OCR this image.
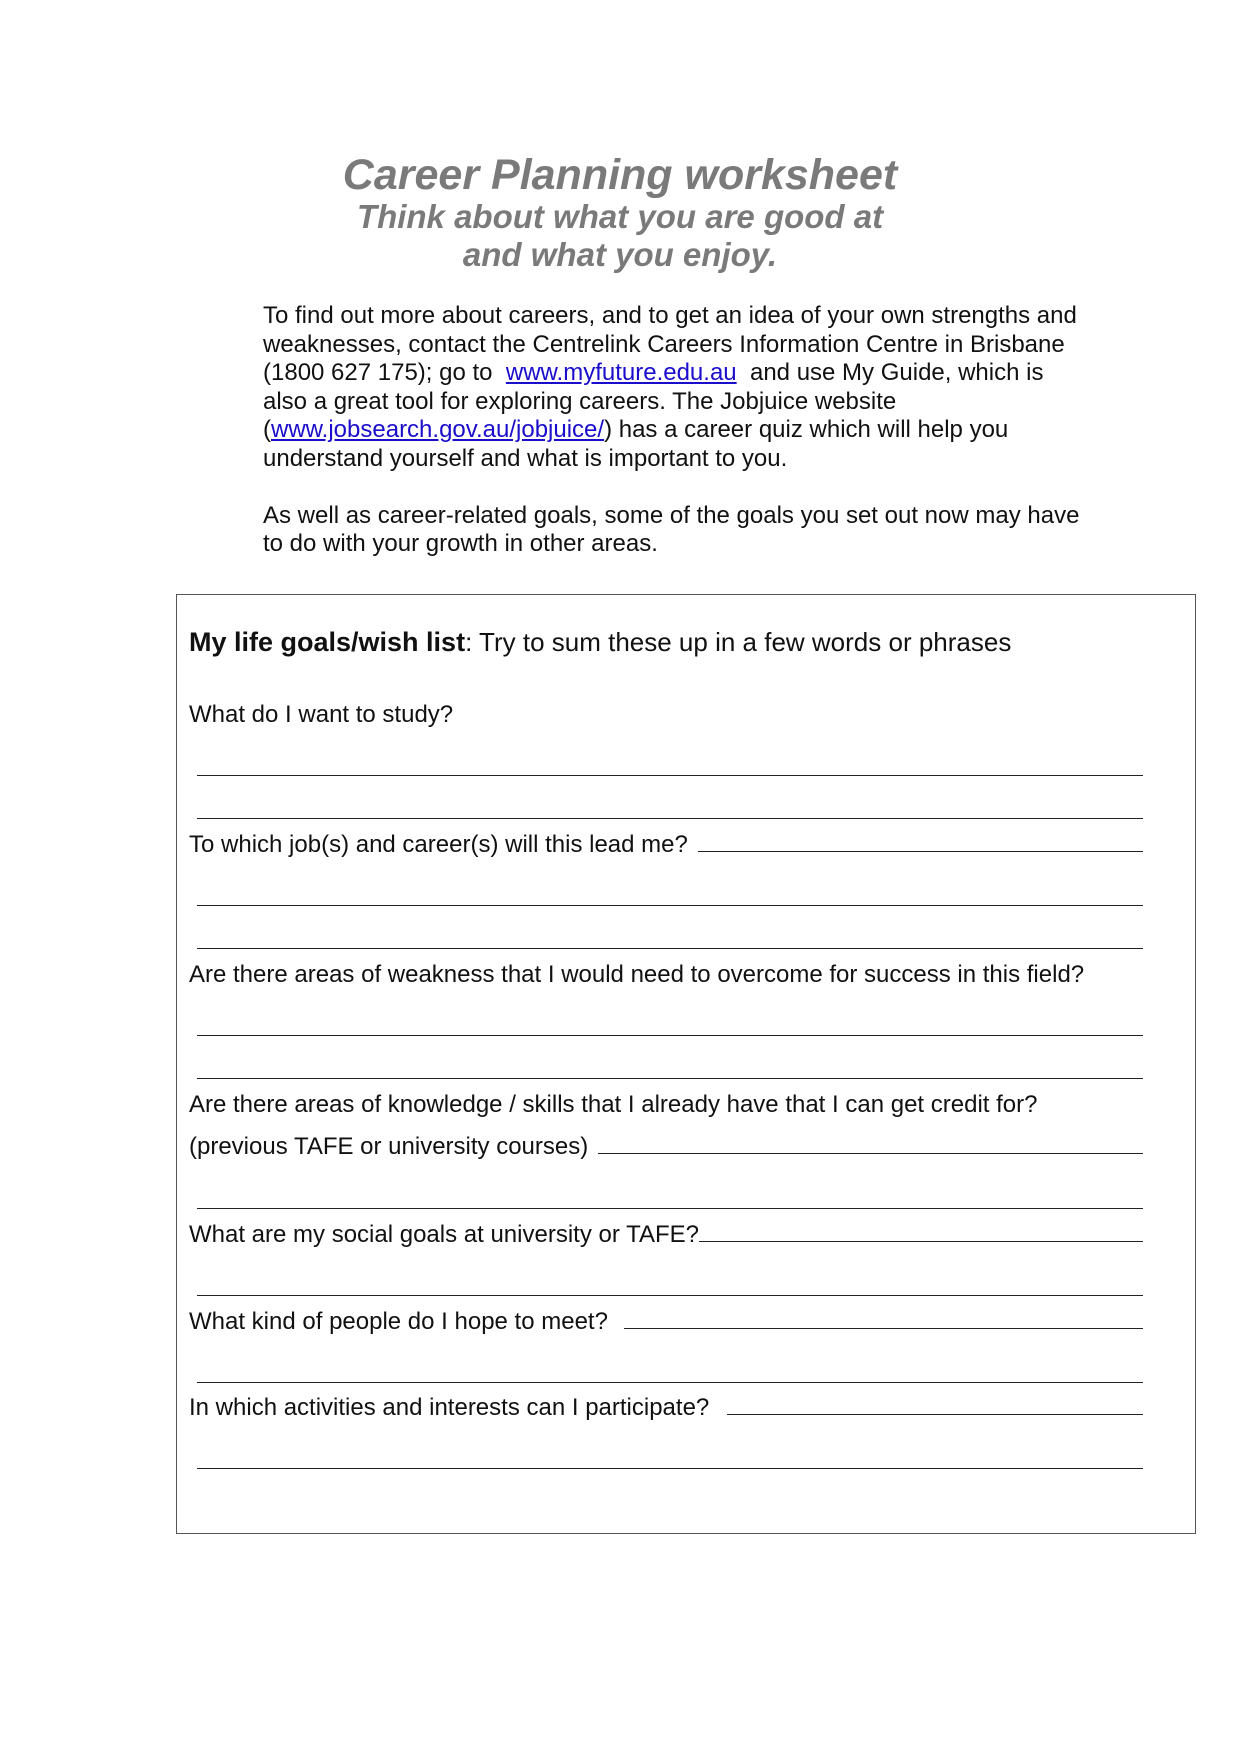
Career Planning worksheet

Think about what you are good at

and what you enjoy.

To find out more about careers, and to get an idea of your own strengths and
weaknesses, contact the Centrelink Careers Information Centre in Brisbane
(1800 627 175); go to www.myfuture.edu.au and use My Guide, which is
also a great tool for exploring careers. The Jobjuice website
(www.jobsearch.gov.au/jobjuice/) has a career quiz which will help you
understand yourself and what is important to you.

As well as career-related goals, some of the goals you set out now may have
to do with your growth in other areas.

My life goals/wish list: Try to sum these up in a few words or phrases
What do I want to study?
To which job(s) and career(s) will this lead me?
Are there areas of weakness that I would need to overcome for success in this field?
Are there areas of knowledge / skills that I already have that I can get credit for?
(previous TAFE or university courses)
What are my social goals at university or TAFE?
What kind of people do I hope to meet?
In which activities and interests can I participate?
